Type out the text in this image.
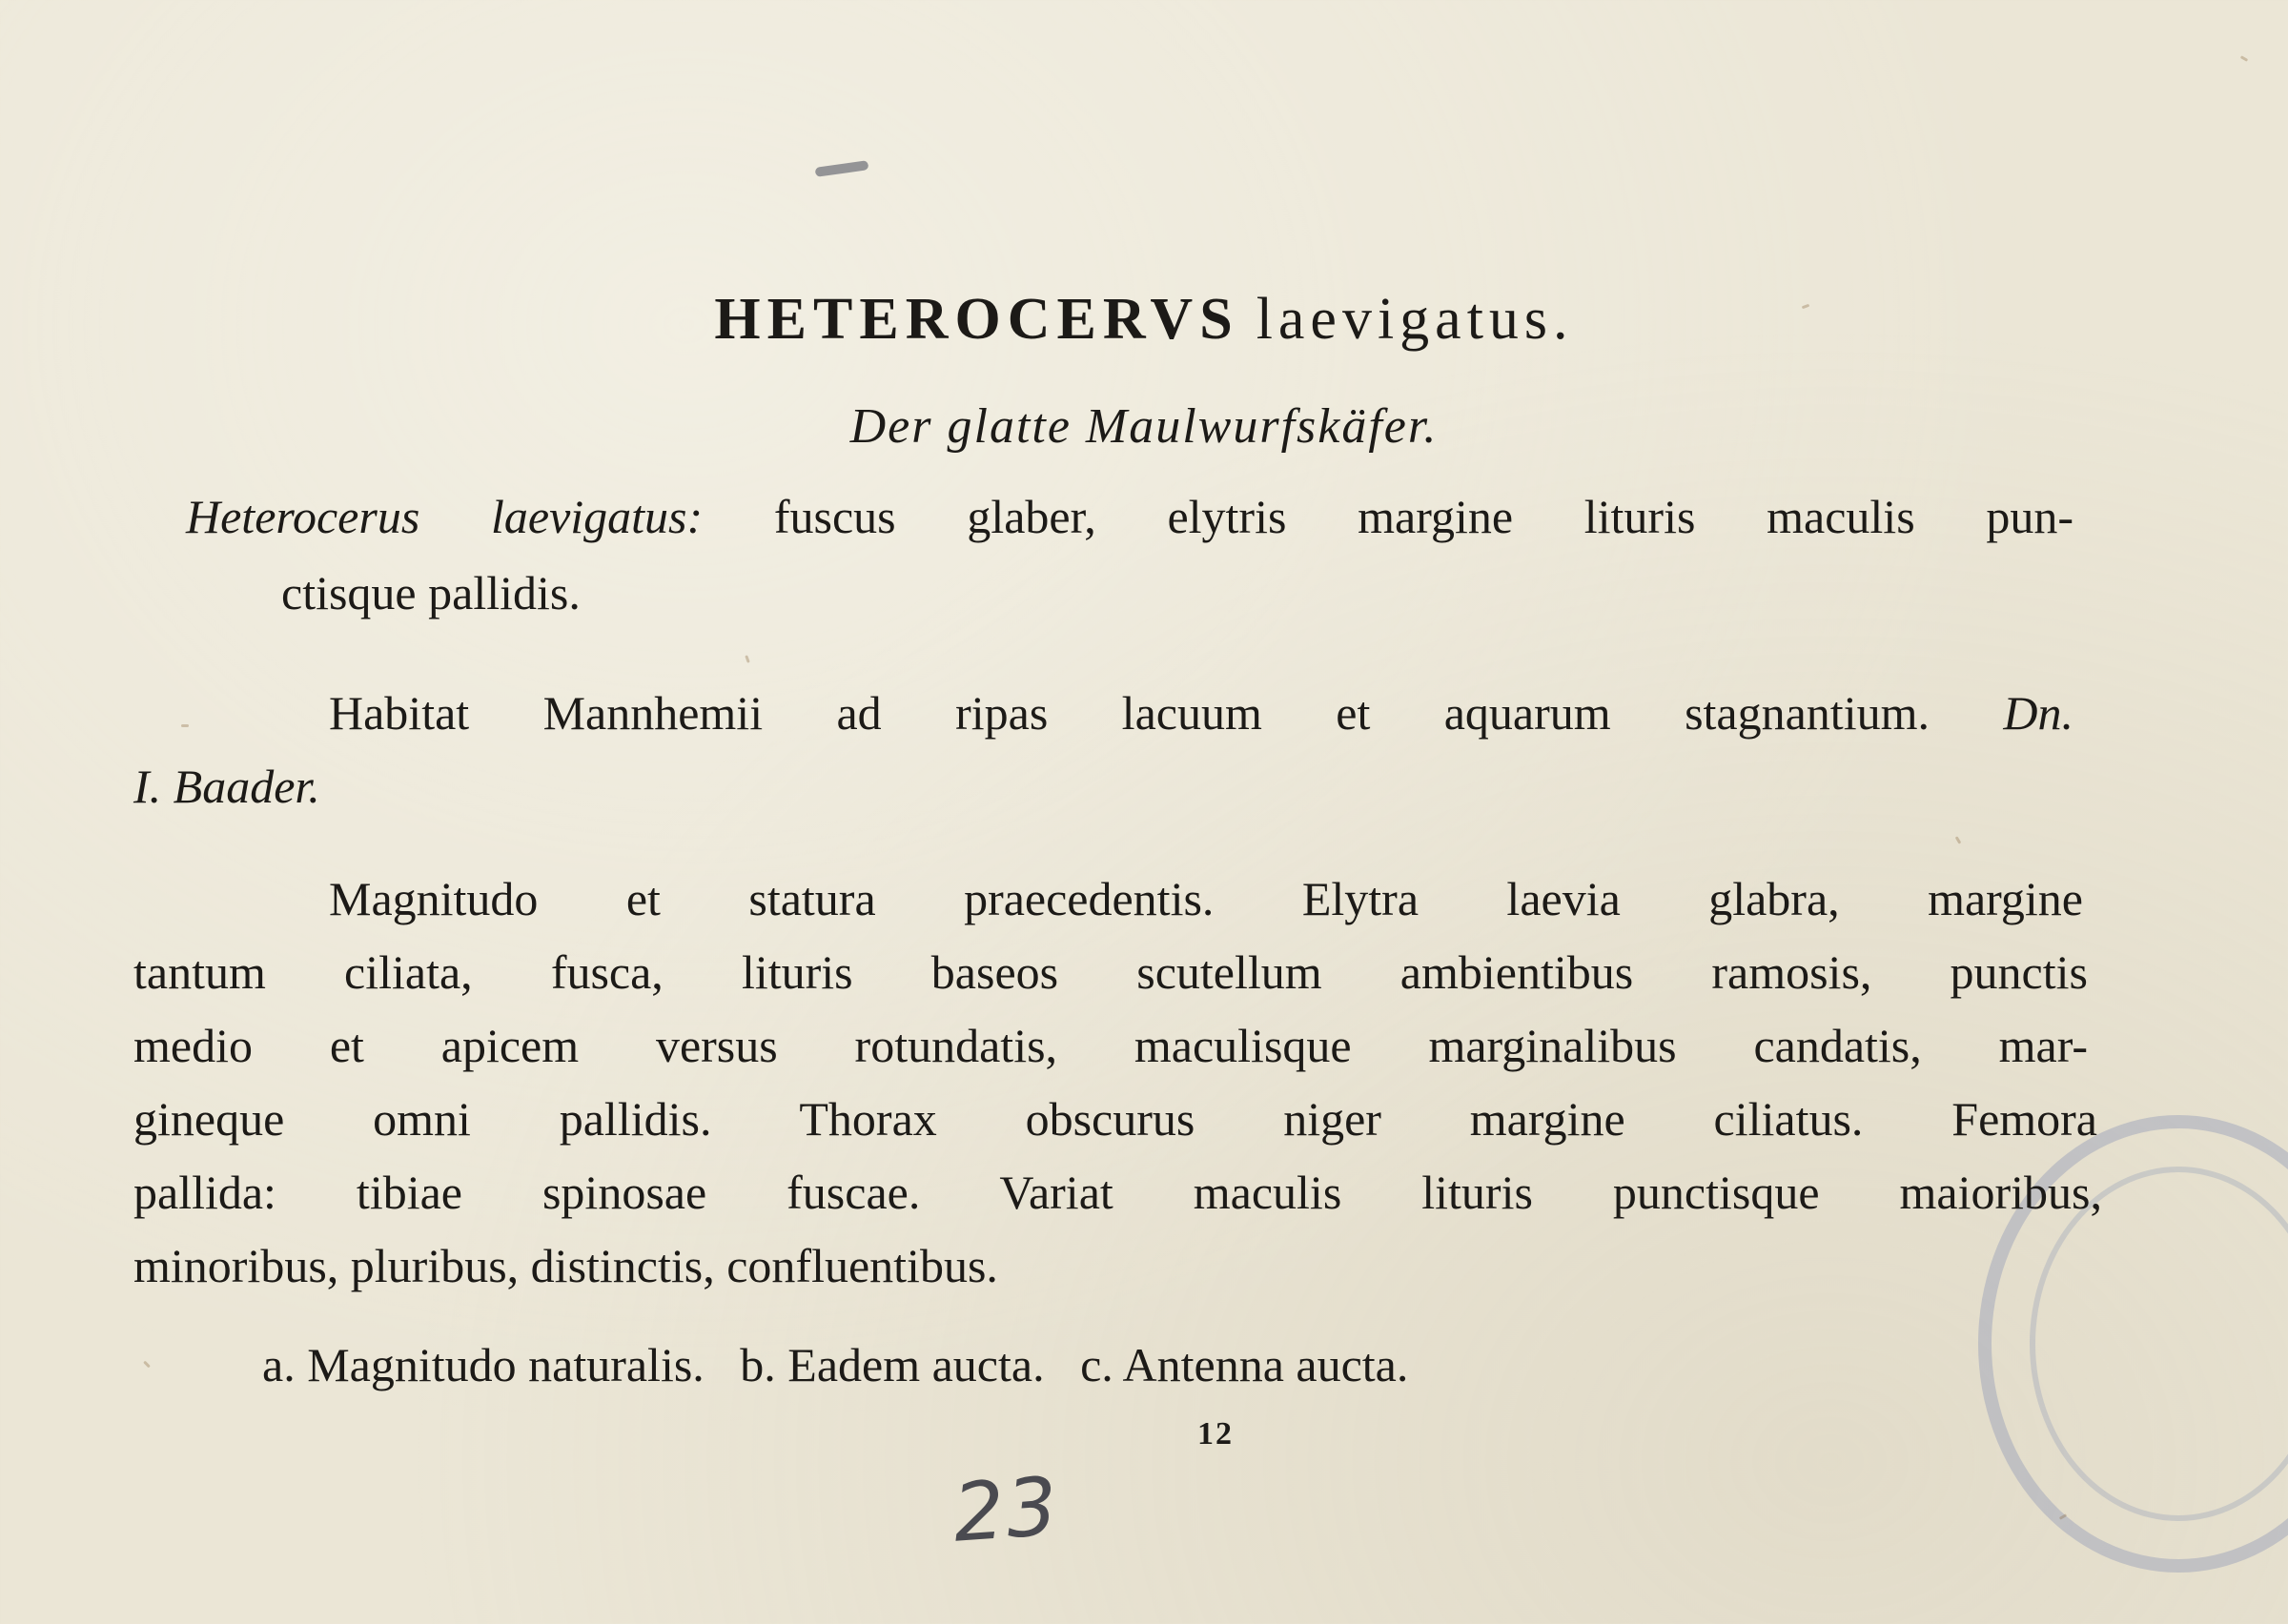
HETEROCERVS laevigatus.
Der glatte Maulwurfskäfer.
Heterocerus laevigatus: fuscus glaber, elytris margine lituris maculis pun-
ctisque pallidis.
Habitat Mannhemii ad ripas lacuum et aquarum stagnantium. Dn.
I. Baader.
Magnitudo et statura praecedentis. Elytra laevia glabra, margine
tantum ciliata, fusca, lituris baseos scutellum ambientibus ramosis, punctis
medio et apicem versus rotundatis, maculisque marginalibus candatis, mar-
gineque omni pallidis. Thorax obscurus niger margine ciliatus. Femora
pallida: tibiae spinosae fuscae. Variat maculis lituris punctisque maioribus,
minoribus, pluribus, distinctis, confluentibus.
a. Magnitudo naturalis.   b. Eadem aucta.   c. Antenna aucta.
12
23
